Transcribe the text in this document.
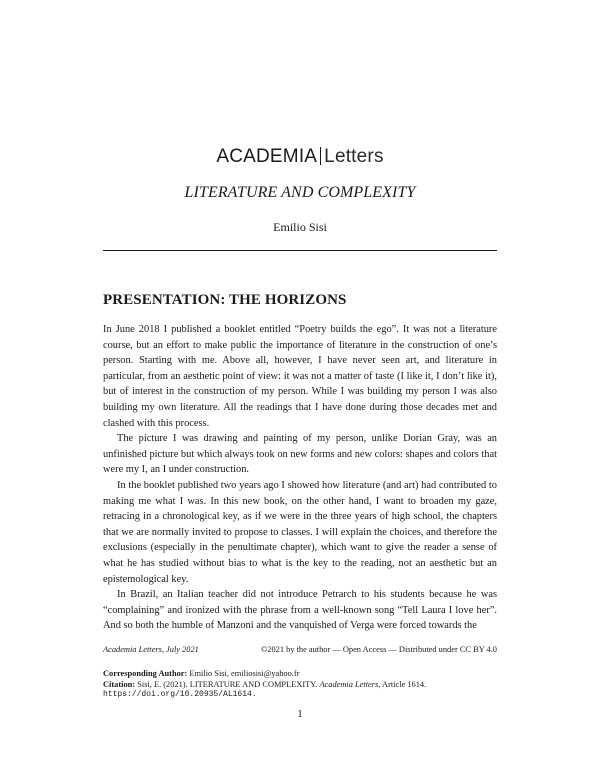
ACADEMIA Letters
LITERATURE AND COMPLEXITY
Emilio Sisi
PRESENTATION: THE HORIZONS

In June 2018 I published a booklet entitled “Poetry builds the ego”. It was not a literature course, but an effort to make public the importance of literature in the construction of one’s person. Starting with me. Above all, however, I have never seen art, and literature in particular, from an aesthetic point of view: it was not a matter of taste (I like it, I don’t like it), but of interest in the construction of my person. While I was building my person I was also building my own literature. All the readings that I have done during those decades met and clashed with this process.

The picture I was drawing and painting of my person, unlike Dorian Gray, was an unfinished picture but which always took on new forms and new colors: shapes and colors that were my I, an I under construction.

In the booklet published two years ago I showed how literature (and art) had contributed to making me what I was. In this new book, on the other hand, I want to broaden my gaze, retracing in a chronological key, as if we were in the three years of high school, the chapters that we are normally invited to propose to classes. I will explain the choices, and therefore the exclusions (especially in the penultimate chapter), which want to give the reader a sense of what he has studied without bias to what is the key to the reading, not an aesthetic but an epistemological key.

In Brazil, an Italian teacher did not introduce Petrarch to his students because he was “complaining” and ironized with the phrase from a well-known song “Tell Laura I love her”. And so both the humble of Manzoni and the vanquished of Verga were forced towards the

Academia Letters, July 2021	©2021 by the author — Open Access — Distributed under CC BY 4.0
Corresponding Author: Emilio Sisi, emiliosisi@yahoo.fr
Citation: Sisi, E. (2021). LITERATURE AND COMPLEXITY. Academia Letters, Article 1614.
https://doi.org/10.20935/AL1614.
1
